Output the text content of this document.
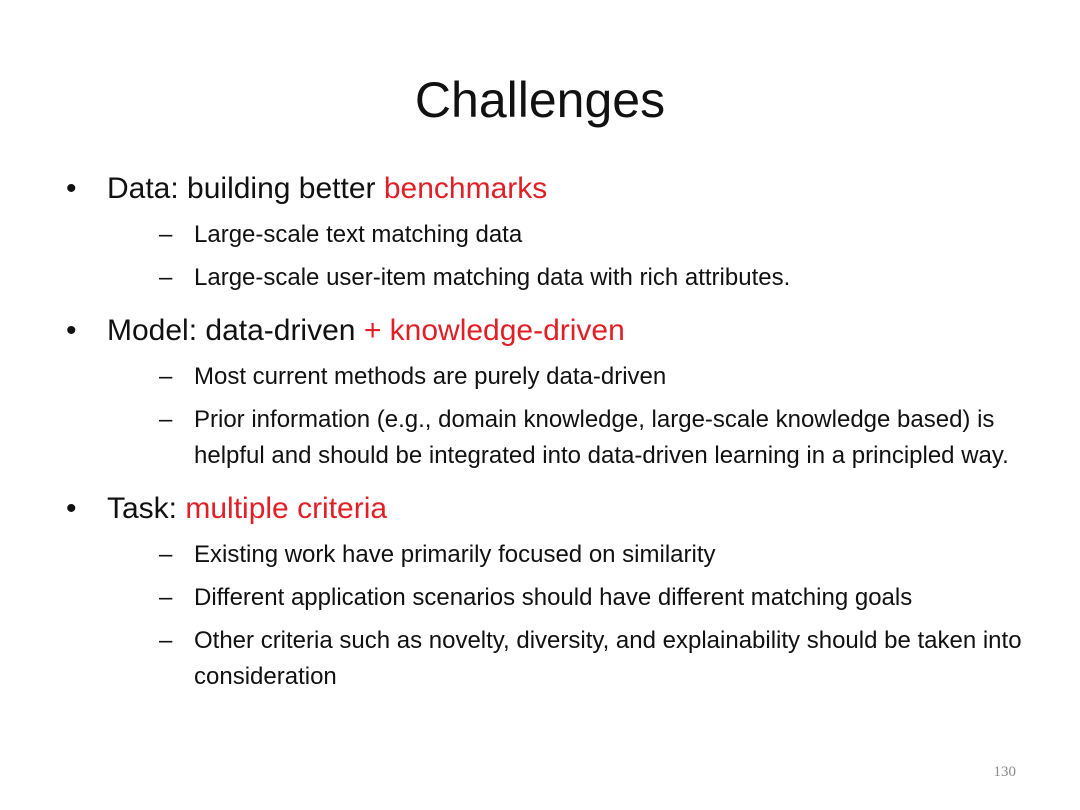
Challenges
• Data: building better benchmarks
– Large-scale text matching data
– Large-scale user-item matching data with rich attributes.
• Model: data-driven + knowledge-driven
– Most current methods are purely data-driven
– Prior information (e.g., domain knowledge, large-scale knowledge based) is helpful and should be integrated into data-driven learning in a principled way.
• Task: multiple criteria
– Existing work have primarily focused on similarity
– Different application scenarios should have different matching goals
– Other criteria such as novelty, diversity, and explainability should be taken into consideration
130
